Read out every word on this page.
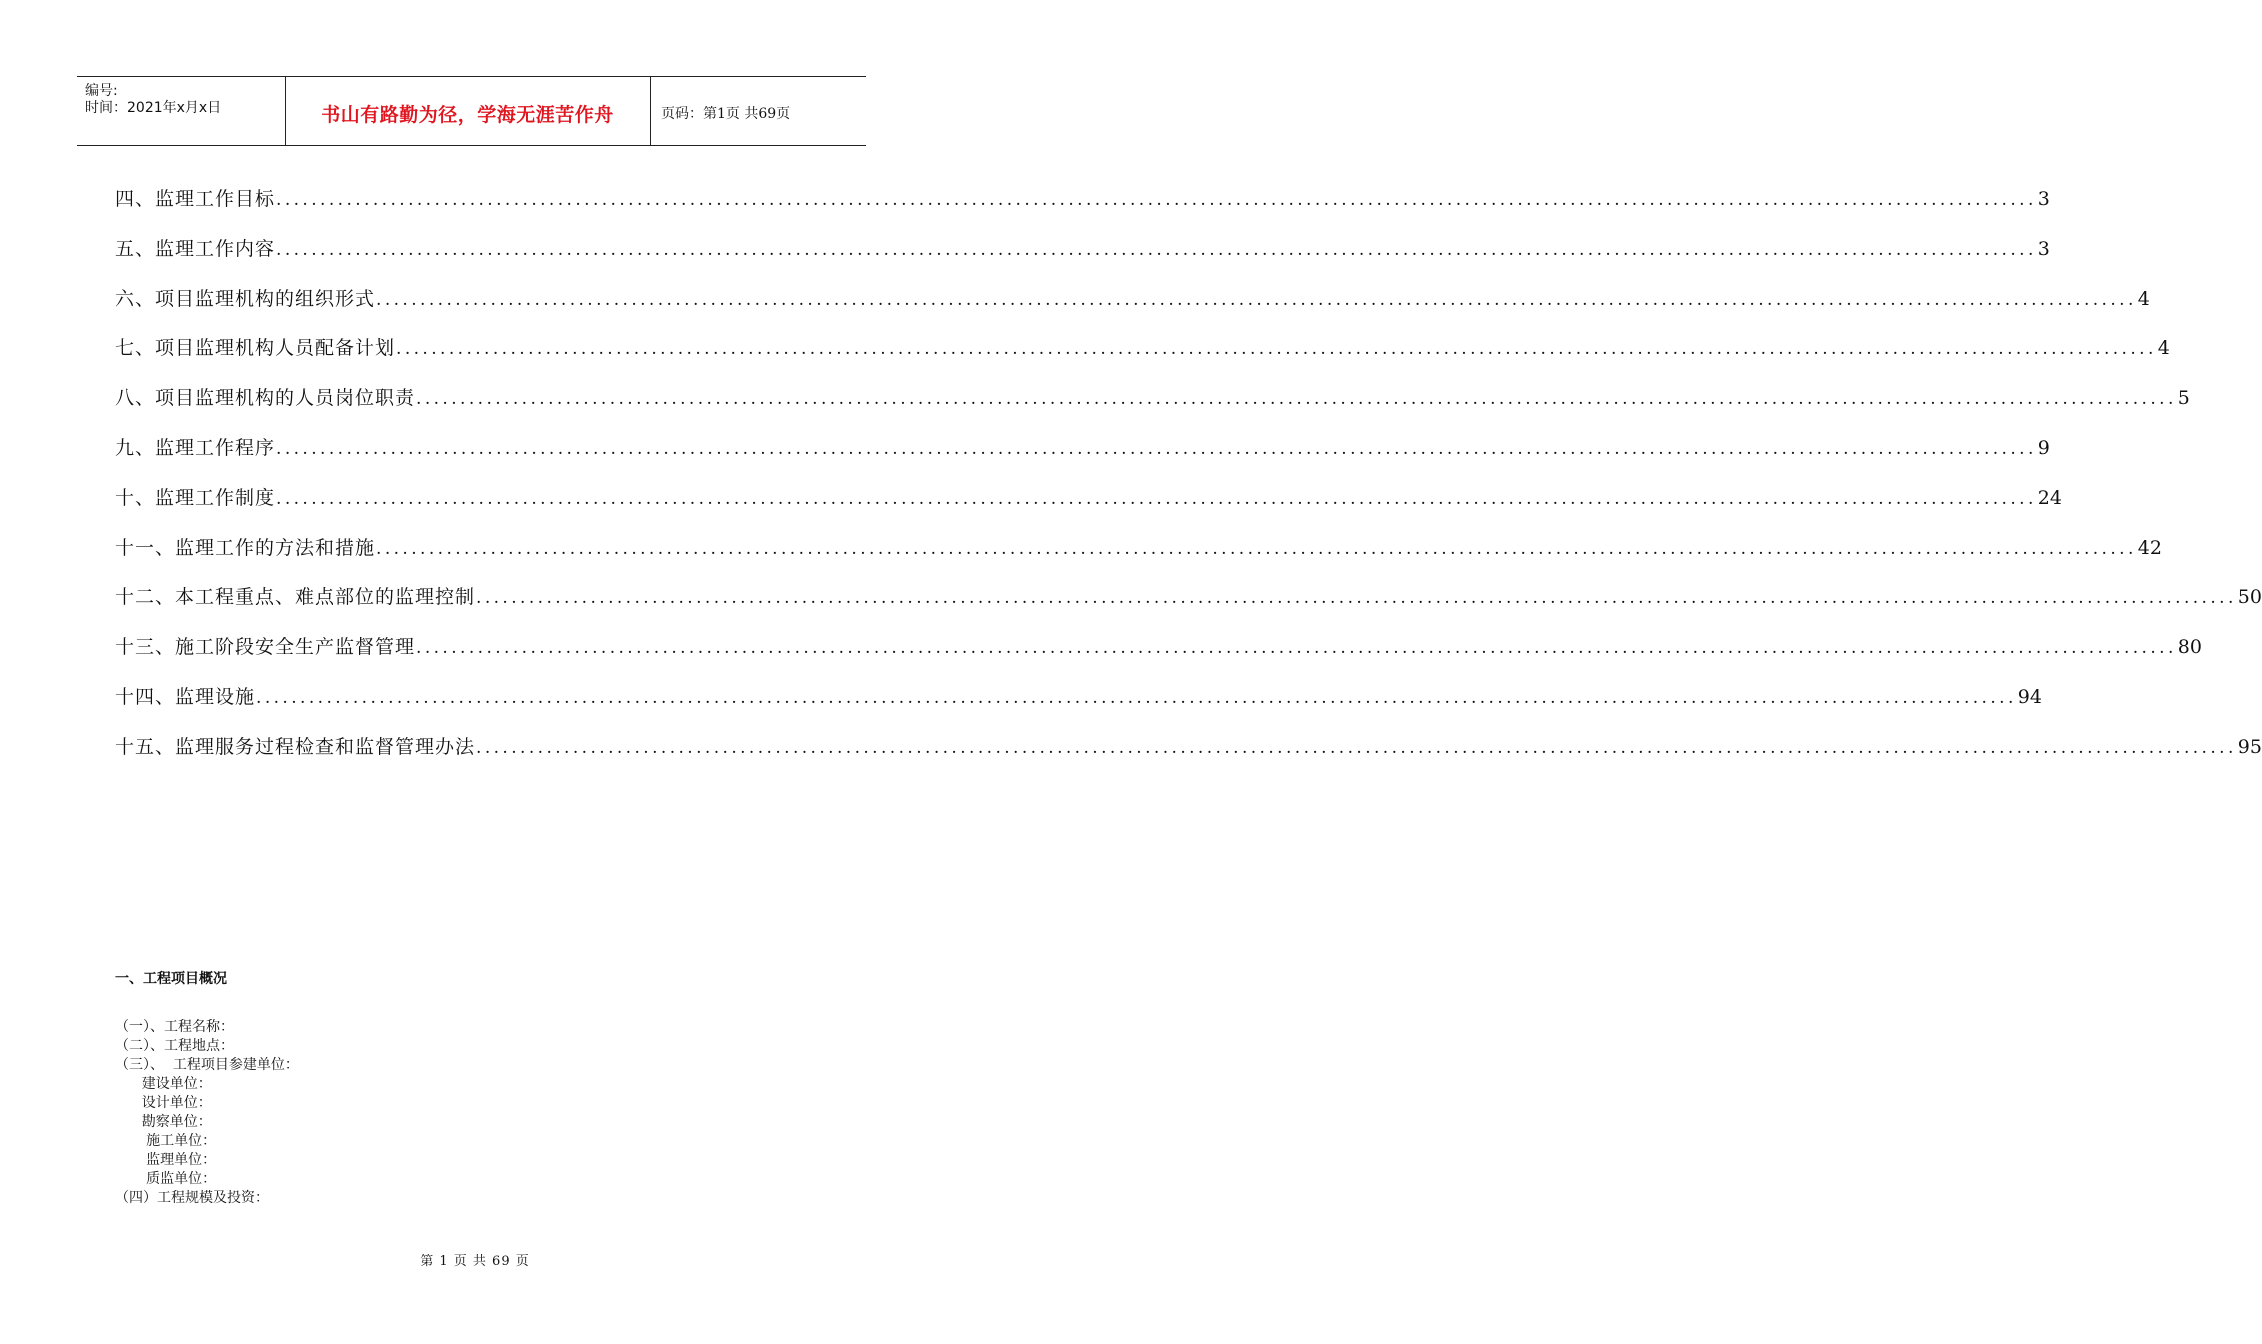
编号:
时间：2021年x月x日	书山有路勤为径，学海无涯苦作舟	页码：第1页 共69页
四、监理工作目标 ........................................................................................................................................................................................................ 3
五、监理工作内容 ........................................................................................................................................................................................................ 3
六、项目监理机构的组织形式 ........................................................................................................................................................................................................ 4
七、项目监理机构人员配备计划 ........................................................................................................................................................................................................ 4
八、项目监理机构的人员岗位职责 ........................................................................................................................................................................................................ 5
九、监理工作程序 ........................................................................................................................................................................................................ 9
十、监理工作制度 ........................................................................................................................................................................................................ 24
十一、监理工作的方法和措施 ........................................................................................................................................................................................................ 42
十二、本工程重点、难点部位的监理控制 ........................................................................................................................................................................................................ 50
十三、施工阶段安全生产监督管理 ........................................................................................................................................................................................................ 80
十四、监理设施 ........................................................................................................................................................................................................ 94
十五、监理服务过程检查和监督管理办法 ........................................................................................................................................................................................................ 95
一、工程项目概况
（一）、工程名称：
（二）、工程地点：
（三）、  工程项目参建单位：
建设单位：
设计单位：
勘察单位：
施工单位：
监理单位：
质监单位：
（四）工程规模及投资：
第 1 页 共 69 页
